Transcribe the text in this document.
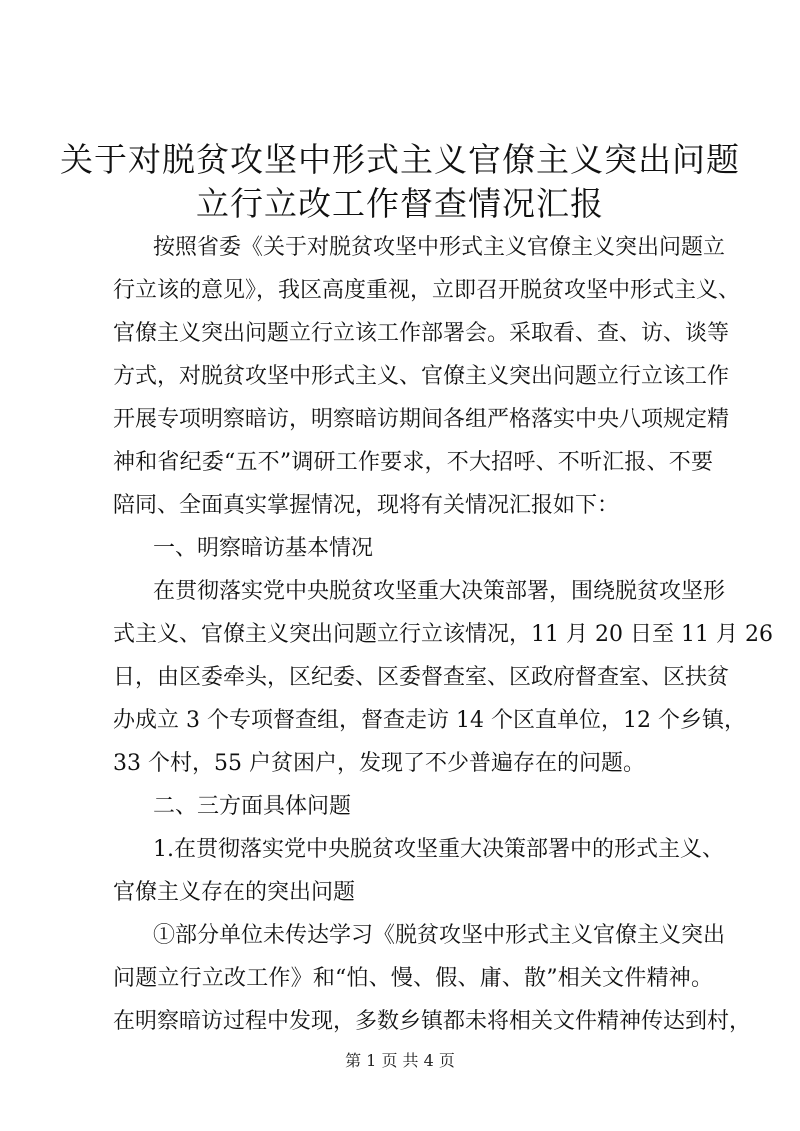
关于对脱贫攻坚中形式主义官僚主义突出问题
立行立改工作督查情况汇报
按照省委《关于对脱贫攻坚中形式主义官僚主义突出问题立
行立该的意见》，我区高度重视，立即召开脱贫攻坚中形式主义、
官僚主义突出问题立行立该工作部署会。采取看、查、访、谈等
方式，对脱贫攻坚中形式主义、官僚主义突出问题立行立该工作
开展专项明察暗访，明察暗访期间各组严格落实中央八项规定精
神和省纪委“五不”调研工作要求，不大招呼、不听汇报、不要
陪同、全面真实掌握情况，现将有关情况汇报如下：
一、明察暗访基本情况
在贯彻落实党中央脱贫攻坚重大决策部署，围绕脱贫攻坚形
式主义、官僚主义突出问题立行立该情况，11 月 20 日至 11 月 26
日，由区委牵头，区纪委、区委督查室、区政府督查室、区扶贫
办成立 3 个专项督查组，督查走访 14 个区直单位，12 个乡镇，
33 个村，55 户贫困户，发现了不少普遍存在的问题。
二、三方面具体问题
1.在贯彻落实党中央脱贫攻坚重大决策部署中的形式主义、
官僚主义存在的突出问题
①部分单位未传达学习《脱贫攻坚中形式主义官僚主义突出
问题立行立改工作》和“怕、慢、假、庸、散”相关文件精神。
在明察暗访过程中发现，多数乡镇都未将相关文件精神传达到村，
第 1 页 共 4 页
